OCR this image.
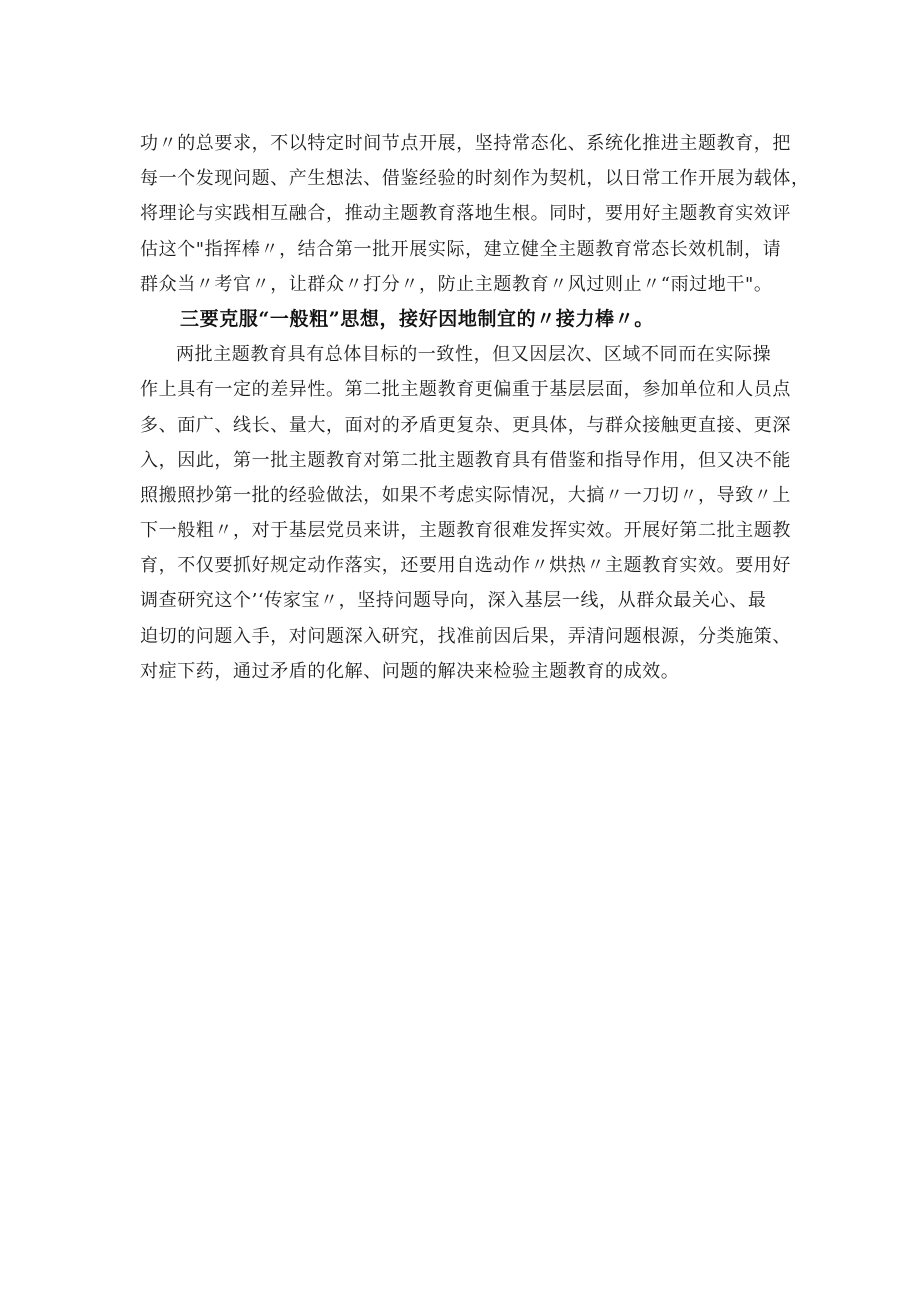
功〃的总要求，不以特定时间节点开展，坚持常态化、系统化推进主题教育，把
每一个发现问题、产生想法、借鉴经验的时刻作为契机，以日常工作开展为载体，
将理论与实践相互融合，推动主题教育落地生根。同时，要用好主题教育实效评
估这个"指挥棒〃，结合第一批开展实际，建立健全主题教育常态长效机制，请
群众当〃考官〃，让群众〃打分〃，防止主题教育〃风过则止〃“雨过地干"。
三要克服“一般粗”思想，接好因地制宜的〃接力棒〃。
两批主题教育具有总体目标的一致性，但又因层次、区域不同而在实际操
作上具有一定的差异性。第二批主题教育更偏重于基层层面，参加单位和人员点
多、面广、线长、量大，面对的矛盾更复杂、更具体，与群众接触更直接、更深
入，因此，第一批主题教育对第二批主题教育具有借鉴和指导作用，但又决不能
照搬照抄第一批的经验做法，如果不考虑实际情况，大搞〃一刀切〃，导致〃上
下一般粗〃，对于基层党员来讲，主题教育很难发挥实效。开展好第二批主题教
育，不仅要抓好规定动作落实，还要用自选动作〃烘热〃主题教育实效。要用好
调查研究这个’‘传家宝〃，坚持问题导向，深入基层一线，从群众最关心、最
迫切的问题入手，对问题深入研究，找准前因后果，弄清问题根源，分类施策、
对症下药，通过矛盾的化解、问题的解决来检验主题教育的成效。
